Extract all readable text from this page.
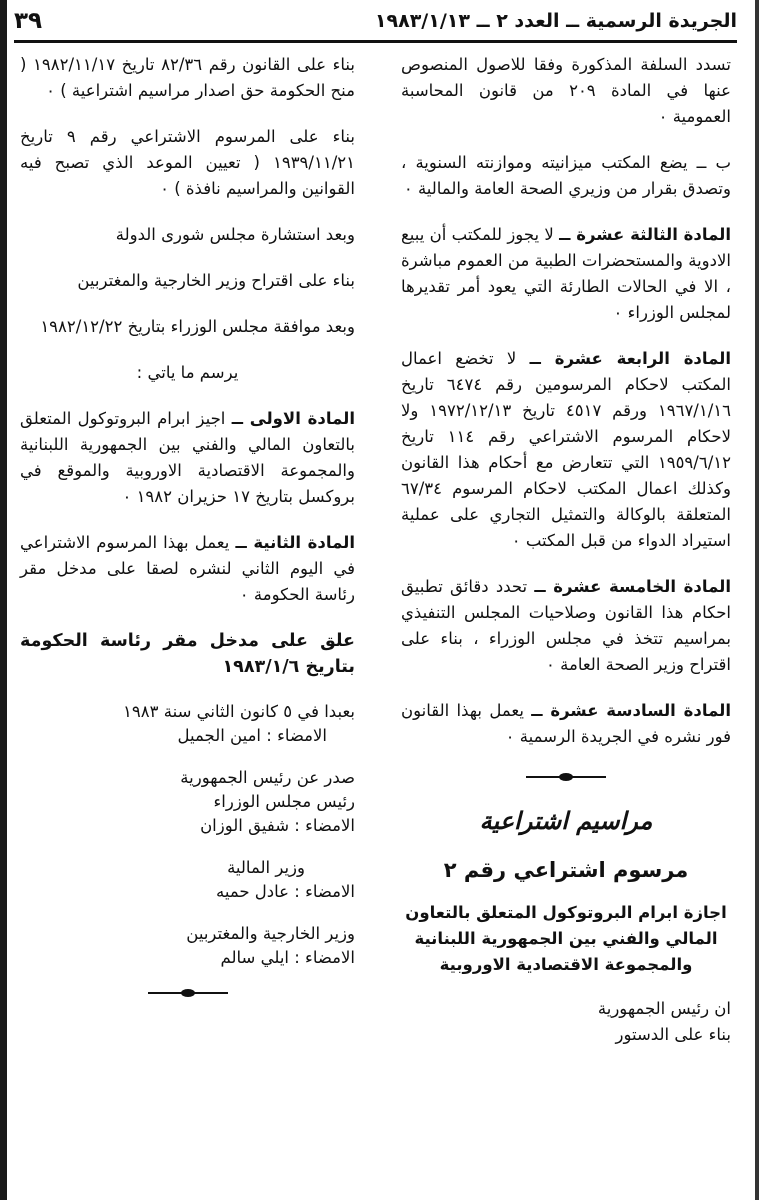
الجريدة الرسمية ــ العدد ٢ ــ ١٩٨٣/١/١٣
٣٩

تسدد السلفة المذكورة وفقا للاصول المنصوص عنها في المادة ٢٠٩ من قانون المحاسبة العمومية ٠

ب ــ يضع المكتب ميزانيته وموازنته السنوية ، وتصدق بقرار من وزيري الصحة العامة والمالية ٠

المادة الثالثة عشرة ــ لا يجوز للمكتب أن يبيع الادوية والمستحضرات الطبية من العموم مباشرة ، الا في الحالات الطارئة التي يعود أمر تقديرها لمجلس الوزراء ٠

المادة الرابعة عشرة ــ لا تخضع اعمال المكتب لاحكام المرسومين رقم ٦٤٧٤ تاريخ ١٩٦٧/١/١٦ ورقم ٤٥١٧ تاريخ ١٩٧٢/١٢/١٣ ولا لاحكام المرسوم الاشتراعي رقم ١١٤ تاريخ ١٩٥٩/٦/١٢ التي تتعارض مع أحكام هذا القانون وكذلك اعمال المكتب لاحكام المرسوم ٦٧/٣٤ المتعلقة بالوكالة والتمثيل التجاري على عملية استيراد الدواء من قبل المكتب ٠

المادة الخامسة عشرة ــ تحدد دقائق تطبيق احكام هذا القانون وصلاحيات المجلس التنفيذي بمراسيم تتخذ في مجلس الوزراء ، بناء على اقتراح وزير الصحة العامة ٠

المادة السادسة عشرة ــ يعمل بهذا القانون فور نشره في الجريدة الرسمية ٠

مراسيم اشتراعية
مرسوم اشتراعي رقم ٢
اجازة ابرام البروتوكول المتعلق بالتعاون المالي والفني بين الجمهورية اللبنانية والمجموعة الاقتصادية الاوروبية
ان رئيس الجمهورية
بناء على الدستور

بناء على القانون رقم ٨٢/٣٦ تاريخ ١٩٨٢/١١/١٧ ( منح الحكومة حق اصدار مراسيم اشتراعية ) ٠

بناء على المرسوم الاشتراعي رقم ٩ تاريخ ١٩٣٩/١١/٢١ ( تعيين الموعد الذي تصبح فيه القوانين والمراسيم نافذة ) ٠

وبعد استشارة مجلس شورى الدولة

بناء على اقتراح وزير الخارجية والمغتربين

وبعد موافقة مجلس الوزراء بتاريخ ١٩٨٢/١٢/٢٢

يرسم ما ياتي :

المادة الاولى ــ اجيز ابرام البروتوكول المتعلق بالتعاون المالي والفني بين الجمهورية اللبنانية والمجموعة الاقتصادية الاوروبية والموقع في بروكسل بتاريخ ١٧ حزيران ١٩٨٢ ٠

المادة الثانية ــ يعمل بهذا المرسوم الاشتراعي في اليوم الثاني لنشره لصقا على مدخل مقر رئاسة الحكومة ٠

علق على مدخل مقر رئاسة الحكومة بتاريخ ١٩٨٣/١/٦

بعبدا في ٥ كانون الثاني سنة ١٩٨٣
الامضاء : امين الجميل
صدر عن رئيس الجمهورية
رئيس مجلس الوزراء
الامضاء : شفيق الوزان
وزير المالية
الامضاء : عادل حميه
وزير الخارجية والمغتربين
الامضاء : ايلي سالم
